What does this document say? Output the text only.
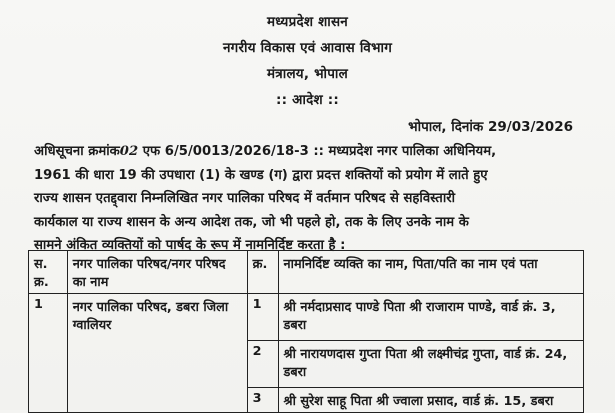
मध्यप्रदेश शासन
नगरीय विकास एवं आवास विभाग
मंत्रालय, भोपाल
:: आदेश ::
भोपाल, दिनांक 29/03/2026
अधिसूचना क्रमांक02 एफ 6/5/0013/2026/18-3 :: मध्यप्रदेश नगर पालिका अधिनियम,
1961 की धारा 19 की उपधारा (1) के खण्ड (ग) द्वारा प्रदत्त शक्तियों को प्रयोग में लाते हुए
राज्य शासन एतद्द्वारा निम्नलिखित नगर पालिका परिषद में वर्तमान परिषद से सहविस्तारी
कार्यकाल या राज्य शासन के अन्य आदेश तक, जो भी पहले हो, तक के लिए उनके नाम के
सामने अंकित व्यक्तियों को पार्षद के रूप में नामनिर्दिष्ट करता है :
स. क्र.	नगर पालिका परिषद/नगर परिषद का नाम	क्र.	नामनिर्दिष्ट व्यक्ति का नाम, पिता/पति का नाम एवं पता
1	नगर पालिका परिषद, डबरा जिला ग्वालियर	1	श्री नर्मदाप्रसाद पाण्डे पिता श्री राजाराम पाण्डे, वार्ड क्रं. 3, डबरा
		2	श्री नारायणदास गुप्ता पिता श्री लक्ष्मीचंद्र गुप्ता, वार्ड क्रं. 24, डबरा
		3	श्री सुरेश साहू पिता श्री ज्वाला प्रसाद, वार्ड क्रं. 15, डबरा
